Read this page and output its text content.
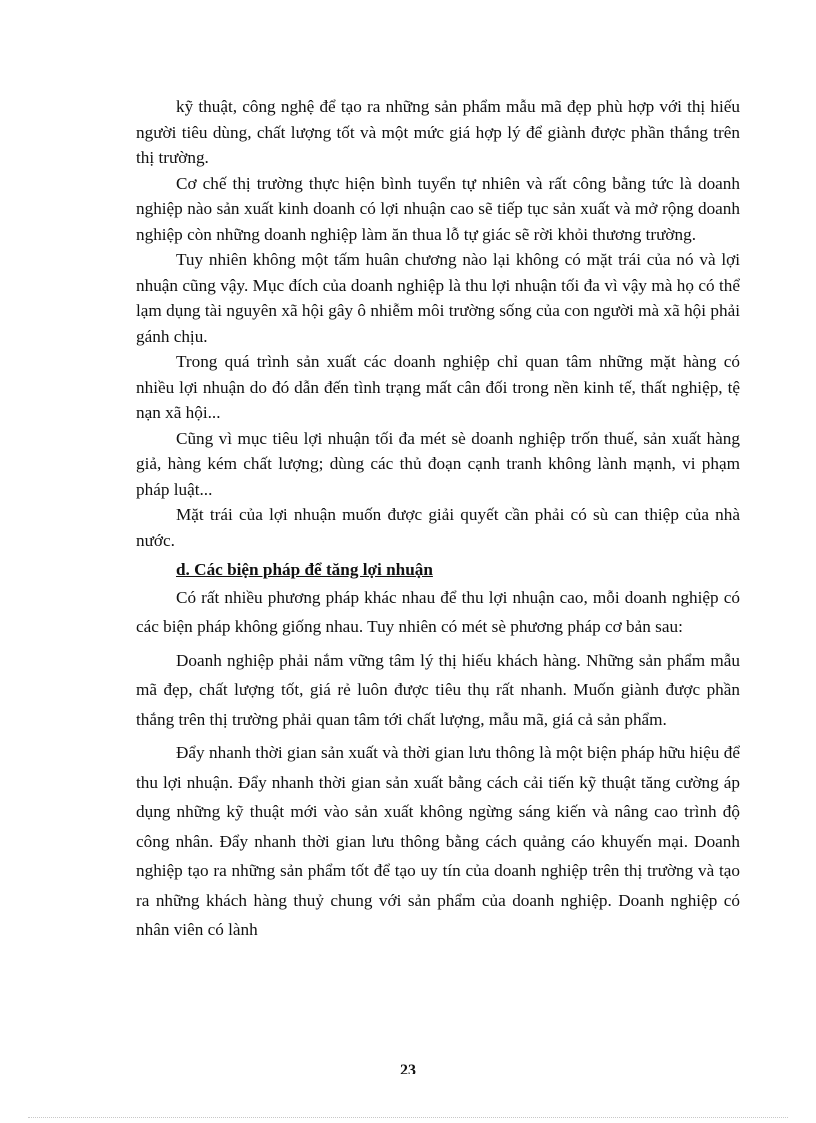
kỹ thuật, công nghệ để tạo ra những sản phẩm mẫu mã đẹp phù hợp với thị hiếu người tiêu dùng, chất lượng tốt và một mức giá hợp lý để giành được phần thắng trên thị trường.

Cơ chế thị trường thực hiện bình tuyển tự nhiên và rất công bằng tức là doanh nghiệp nào sản xuất kinh doanh có lợi nhuận cao sẽ tiếp tục sản xuất và mở rộng doanh nghiệp còn những doanh nghiệp làm ăn thua lỗ tự giác sẽ rời khỏi thương trường.

Tuy nhiên không một tấm huân chương nào lại không có mặt trái của nó và lợi nhuận cũng vậy. Mục đích của doanh nghiệp là thu lợi nhuận tối đa vì vậy mà họ có thể lạm dụng tài nguyên xã hội gây ô nhiễm môi trường sống của con người mà xã hội phải gánh chịu.

Trong quá trình sản xuất các doanh nghiệp chỉ quan tâm những mặt hàng có nhiều lợi nhuận do đó dẫn đến tình trạng mất cân đối trong nền kinh tế, thất nghiệp, tệ nạn xã hội...

Cũng vì mục tiêu lợi nhuận tối đa mét sè doanh nghiệp trốn thuế, sản xuất hàng giả, hàng kém chất lượng; dùng các thủ đoạn cạnh tranh không lành mạnh, vi phạm pháp luật...

Mặt trái của lợi nhuận muốn được giải quyết cần phải có sù can thiệp của nhà nước.

d. Các biện pháp để tăng lợi nhuận

Có rất nhiều phương pháp khác nhau để thu lợi nhuận cao, mỗi doanh nghiệp có các biện pháp không giống nhau. Tuy nhiên có mét sè phương pháp cơ bản sau:

Doanh nghiệp phải nắm vững tâm lý thị hiếu khách hàng. Những sản phẩm mẫu mã đẹp, chất lượng tốt, giá rẻ luôn được tiêu thụ rất nhanh. Muốn giành được phần thắng trên thị trường phải quan tâm tới chất lượng, mẫu mã, giá cả sản phẩm.

Đẩy nhanh thời gian sản xuất và thời gian lưu thông là một biện pháp hữu hiệu để thu lợi nhuận. Đẩy nhanh thời gian sản xuất bằng cách cải tiến kỹ thuật tăng cường áp dụng những kỹ thuật mới vào sản xuất không ngừng sáng kiến và nâng cao trình độ công nhân. Đẩy nhanh thời gian lưu thông bằng cách quảng cáo khuyến mại. Doanh nghiệp tạo ra những sản phẩm tốt để tạo uy tín của doanh nghiệp trên thị trường và tạo ra những khách hàng thuỷ chung với sản phẩm của doanh nghiệp. Doanh nghiệp có nhân viên có lành

23
